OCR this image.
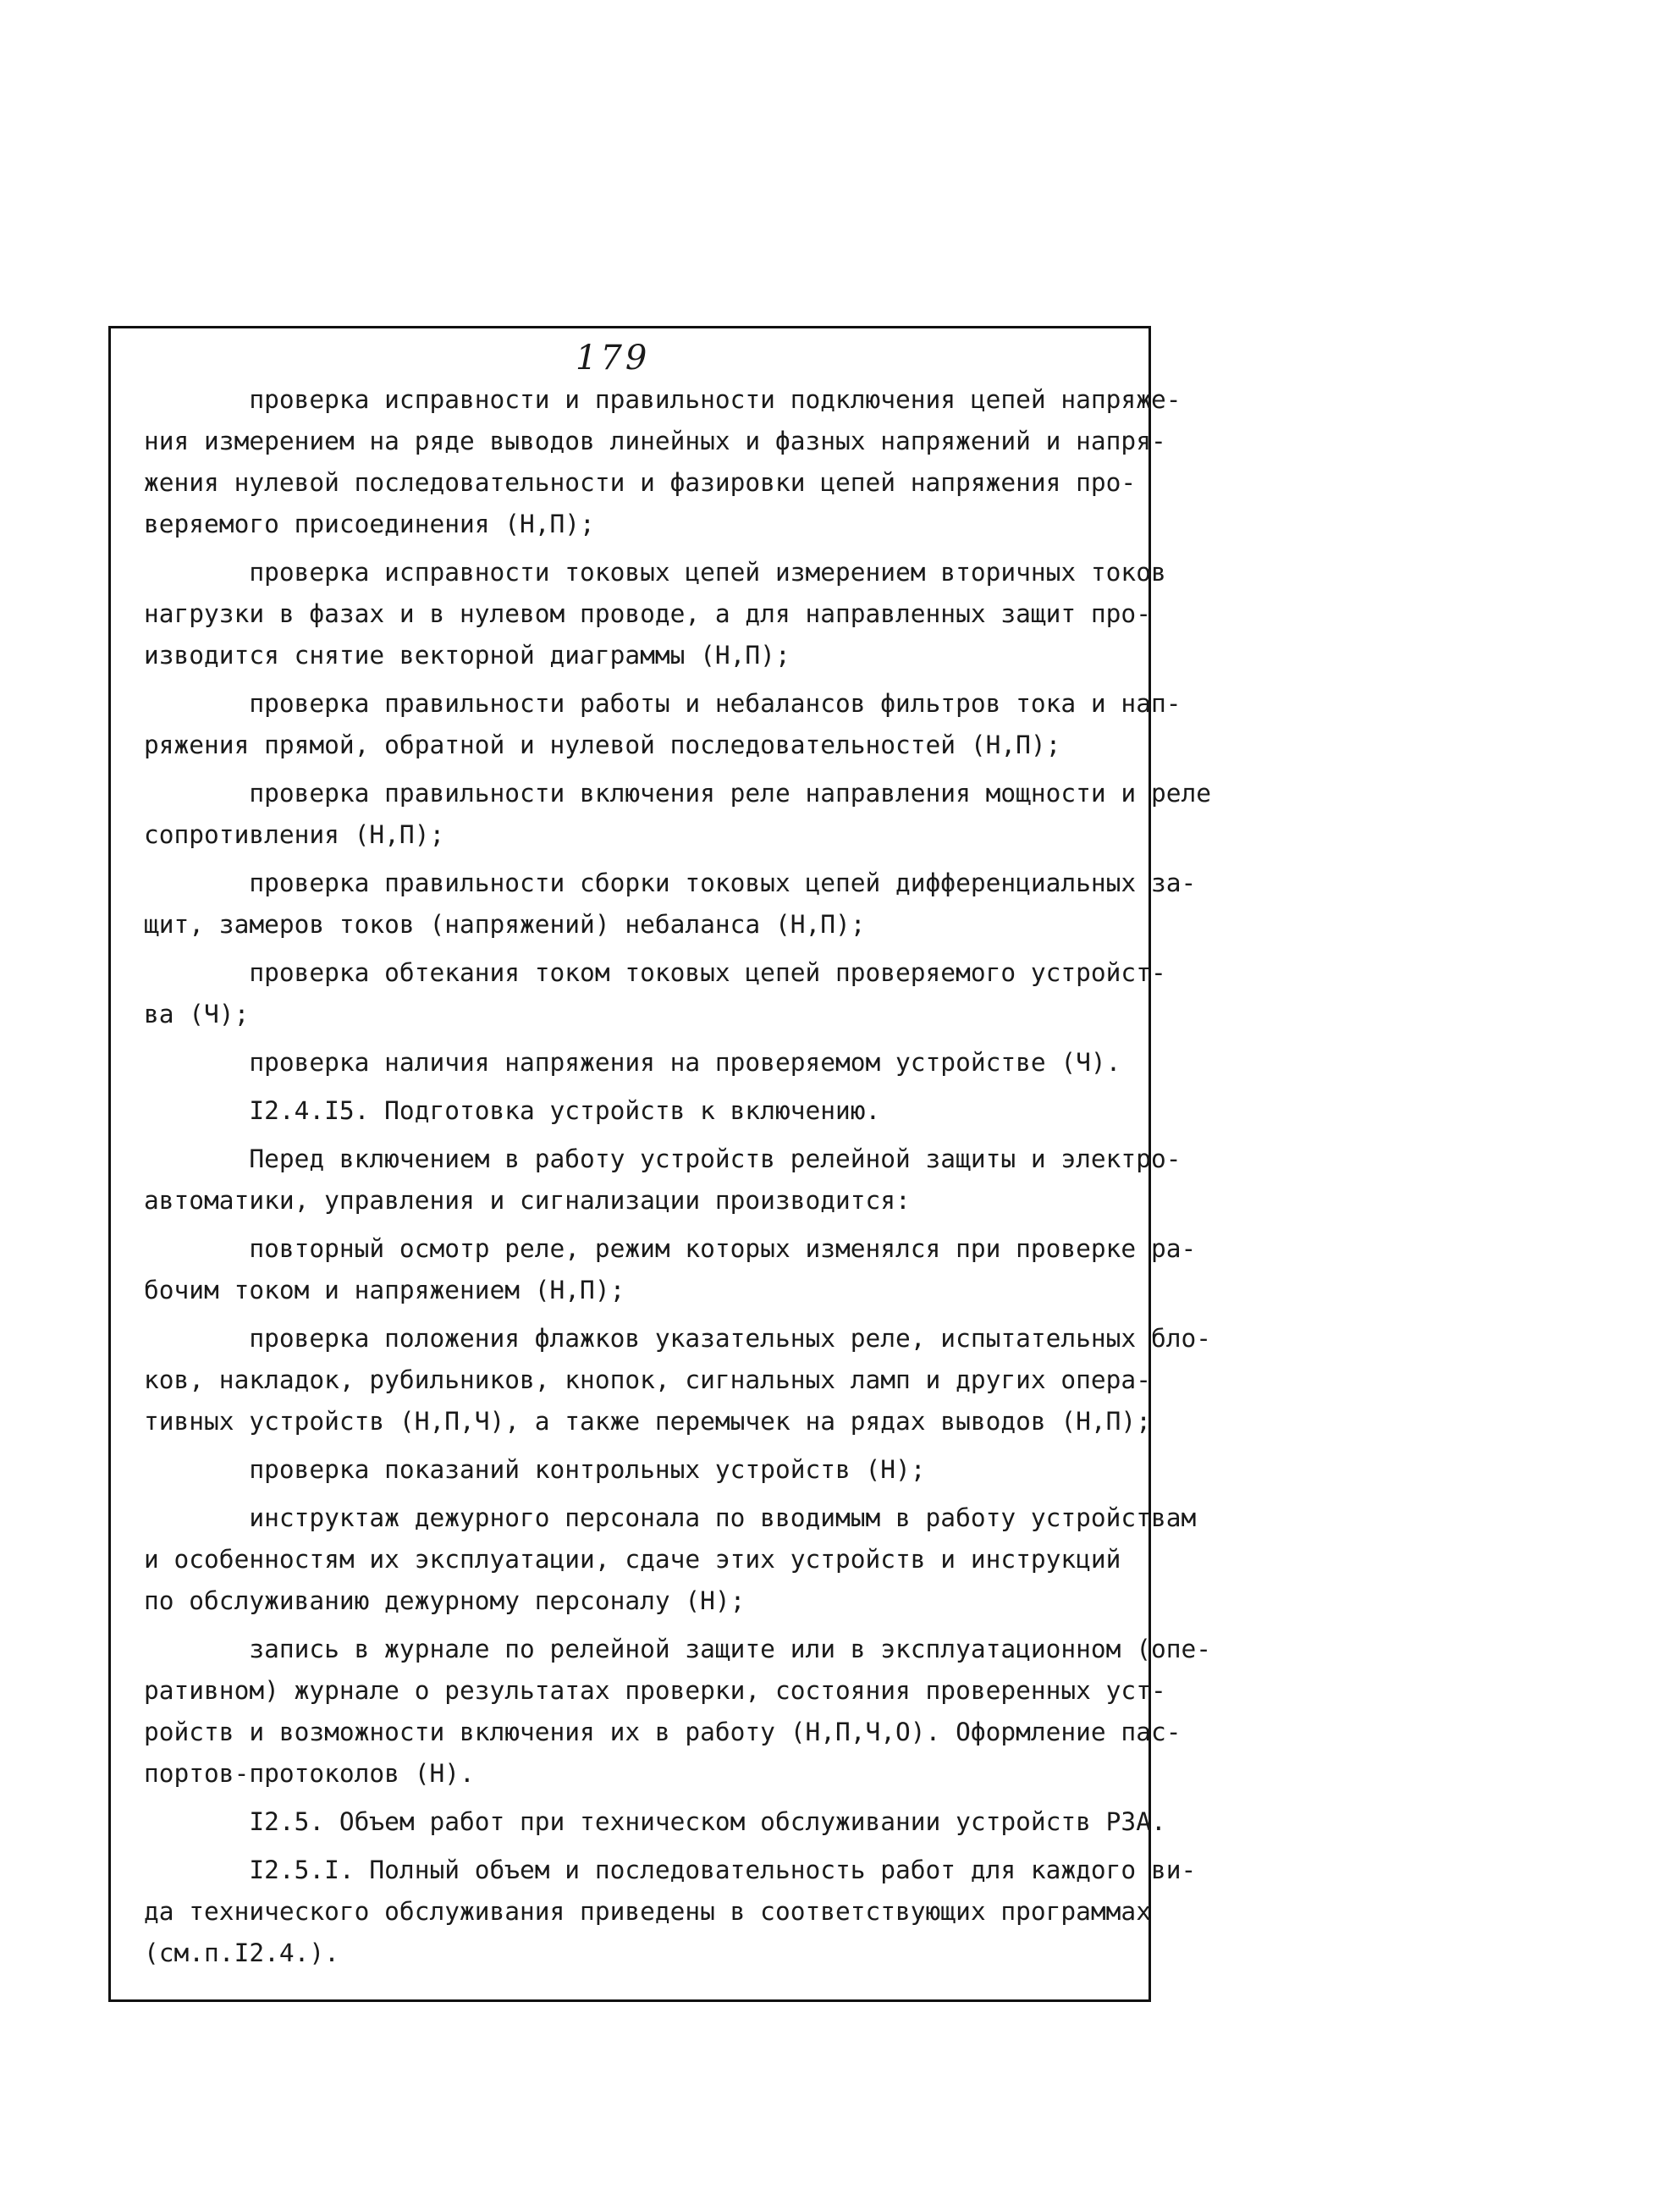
179
проверка исправности и правильности подключения цепей напряже-
ния измерением на ряде выводов линейных и фазных напряжений и напря-
жения нулевой последовательности и фазировки цепей напряжения про-
веряемого присоединения (Н,П);
проверка исправности токовых цепей измерением вторичных токов
нагрузки в фазах и в нулевом проводе, а для направленных защит про-
изводится снятие векторной диаграммы (Н,П);
проверка правильности работы и небалансов фильтров тока и нап-
ряжения прямой, обратной и нулевой последовательностей (Н,П);
проверка правильности включения реле направления мощности и реле
сопротивления (Н,П);
проверка правильности сборки токовых цепей дифференциальных за-
щит, замеров токов (напряжений) небаланса (Н,П);
проверка обтекания током токовых цепей проверяемого устройст-
ва (Ч);
проверка наличия напряжения на проверяемом устройстве (Ч).
I2.4.I5. Подготовка устройств к включению.
Перед включением в работу устройств релейной защиты и электро-
автоматики, управления и сигнализации производится:
повторный осмотр реле, режим которых изменялся при проверке ра-
бочим током и напряжением (Н,П);
проверка положения флажков указательных реле, испытательных бло-
ков, накладок, рубильников, кнопок, сигнальных ламп и других опера-
тивных устройств (Н,П,Ч), а также перемычек на рядах выводов (Н,П);
проверка показаний контрольных устройств (Н);
инструктаж дежурного персонала по вводимым в работу устройствам
и особенностям их эксплуатации, сдаче этих устройств и инструкций
по обслуживанию дежурному персоналу (Н);
запись в журнале по релейной защите или в эксплуатационном (опе-
ративном) журнале о результатах проверки, состояния проверенных уст-
ройств и возможности включения их в работу (Н,П,Ч,О). Оформление пас-
портов-протоколов (Н).
I2.5. Объем работ при техническом обслуживании устройств РЗА.
I2.5.I. Полный объем и последовательность работ для каждого ви-
да технического обслуживания приведены в соответствующих программах
(см.п.I2.4.).
